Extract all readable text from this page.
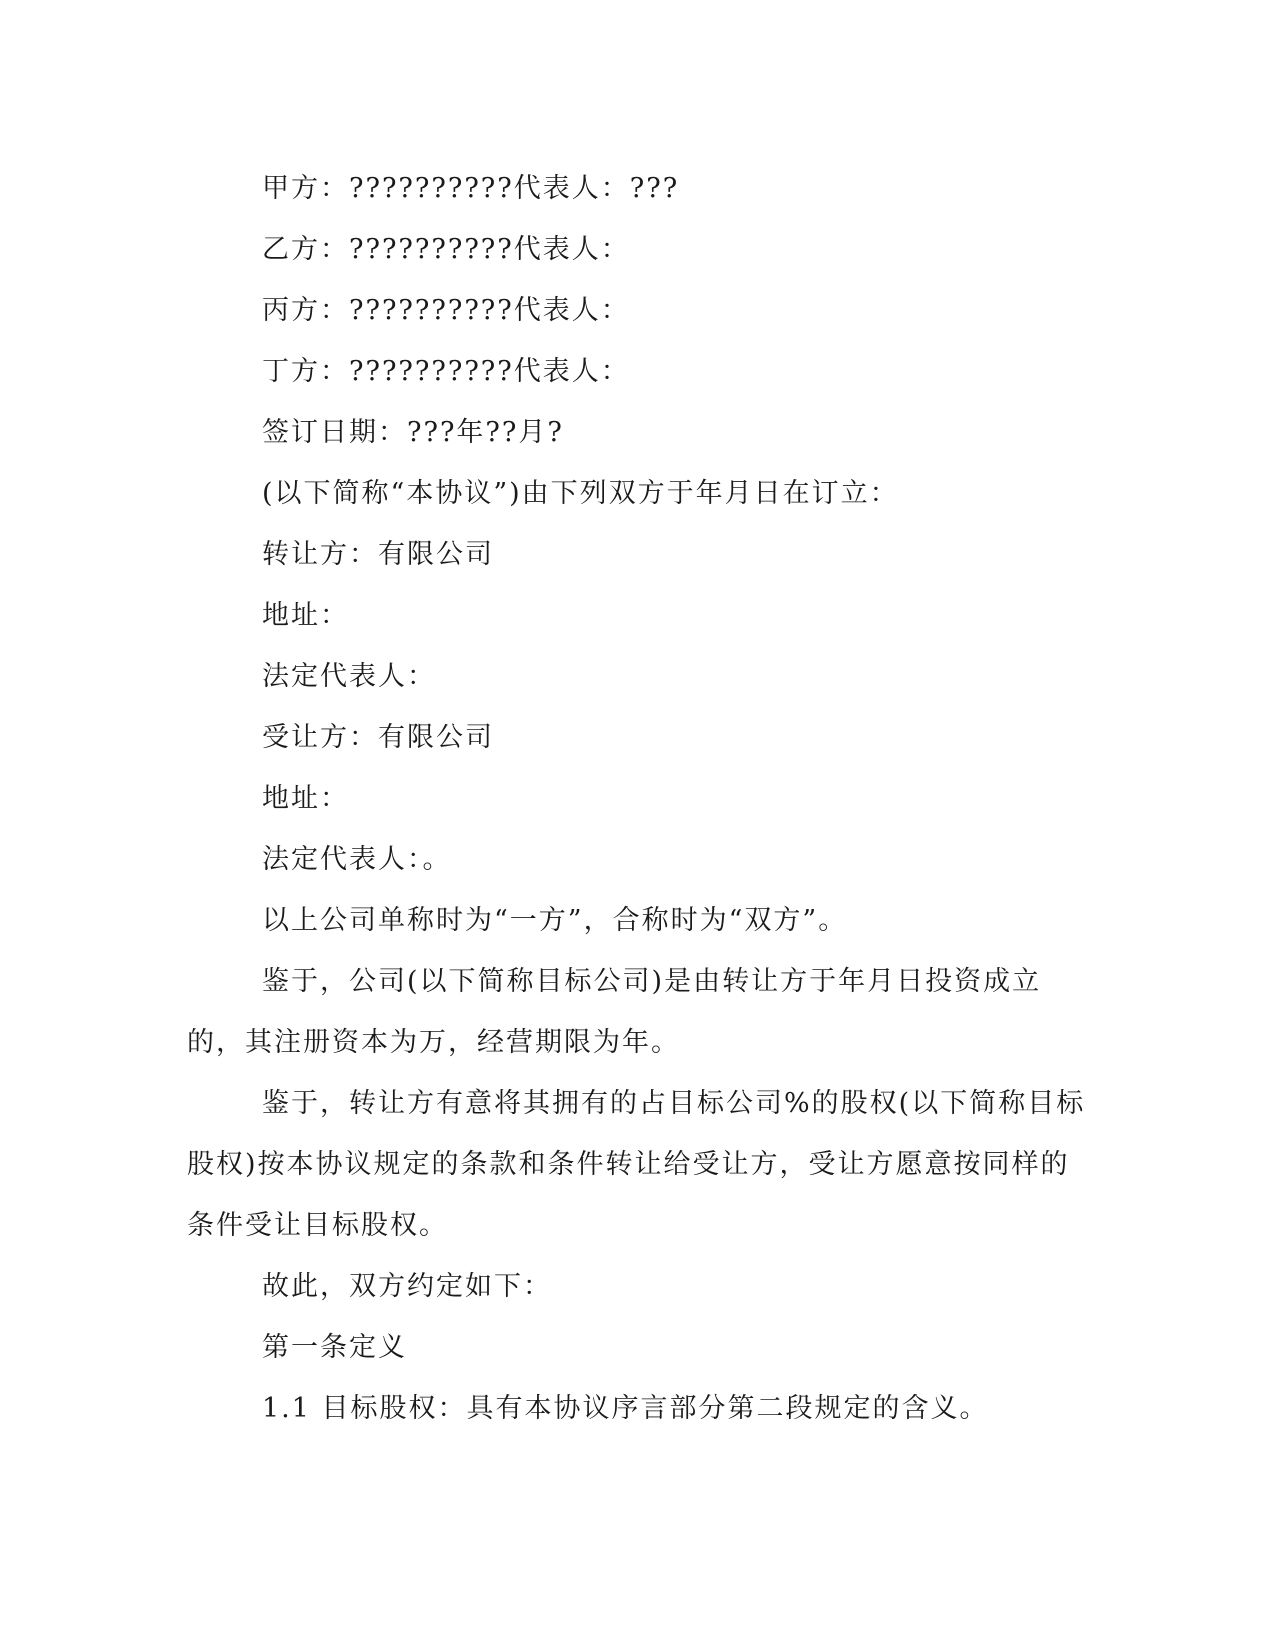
甲方：??????????代表人：???

乙方：??????????代表人：

丙方：??????????代表人：

丁方：??????????代表人：

签订日期：???年??月?

(以下简称“本协议”)由下列双方于年月日在订立：

转让方：有限公司

地址：

法定代表人：

受让方：有限公司

地址：

法定代表人：。

以上公司单称时为“一方”，合称时为“双方”。

鉴于，公司(以下简称目标公司)是由转让方于年月日投资成立的，其注册资本为万，经营期限为年。

鉴于，转让方有意将其拥有的占目标公司%的股权(以下简称目标股权)按本协议规定的条款和条件转让给受让方，受让方愿意按同样的条件受让目标股权。

故此，双方约定如下：

第一条定义

1.1 目标股权：具有本协议序言部分第二段规定的含义。
